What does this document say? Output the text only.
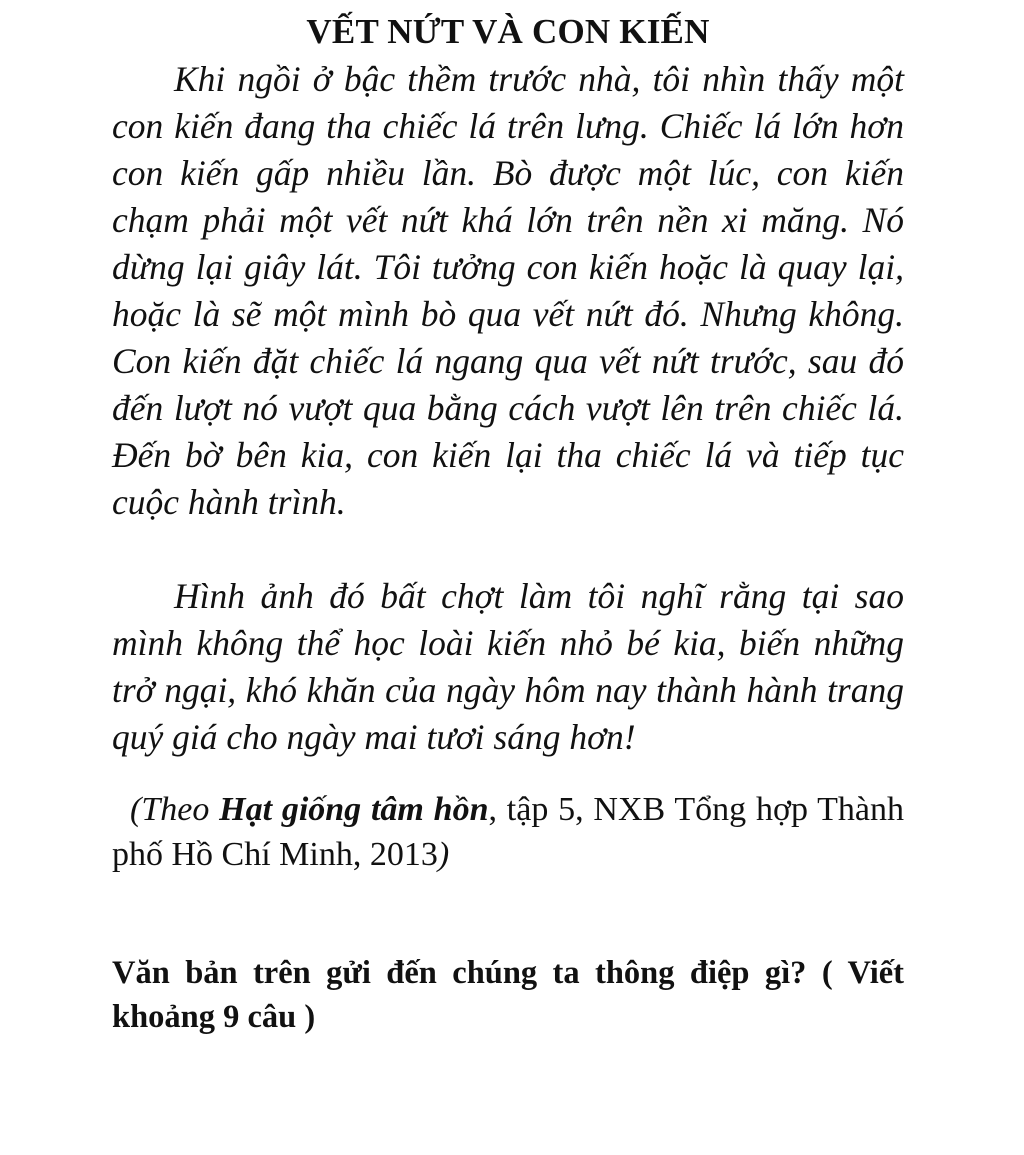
VẾT NỨT VÀ CON KIẾN

Khi ngồi ở bậc thềm trước nhà, tôi nhìn thấy một con kiến đang tha chiếc lá trên lưng. Chiếc lá lớn hơn con kiến gấp nhiều lần. Bò được một lúc, con kiến chạm phải một vết nứt khá lớn trên nền xi măng. Nó dừng lại giây lát. Tôi tưởng con kiến hoặc là quay lại, hoặc là sẽ một mình bò qua vết nứt đó. Nhưng không. Con kiến đặt chiếc lá ngang qua vết nứt trước, sau đó đến lượt nó vượt qua bằng cách vượt lên trên chiếc lá. Đến bờ bên kia, con kiến lại tha chiếc lá và tiếp tục cuộc hành trình.

Hình ảnh đó bất chợt làm tôi nghĩ rằng tại sao mình không thể học loài kiến nhỏ bé kia, biến những trở ngại, khó khăn của ngày hôm nay thành hành trang quý giá cho ngày mai tươi sáng hơn!

(Theo Hạt giống tâm hồn, tập 5, NXB Tổng hợp Thành phố Hồ Chí Minh, 2013)

Văn bản trên gửi đến chúng ta thông điệp gì? ( Viết khoảng 9 câu )
